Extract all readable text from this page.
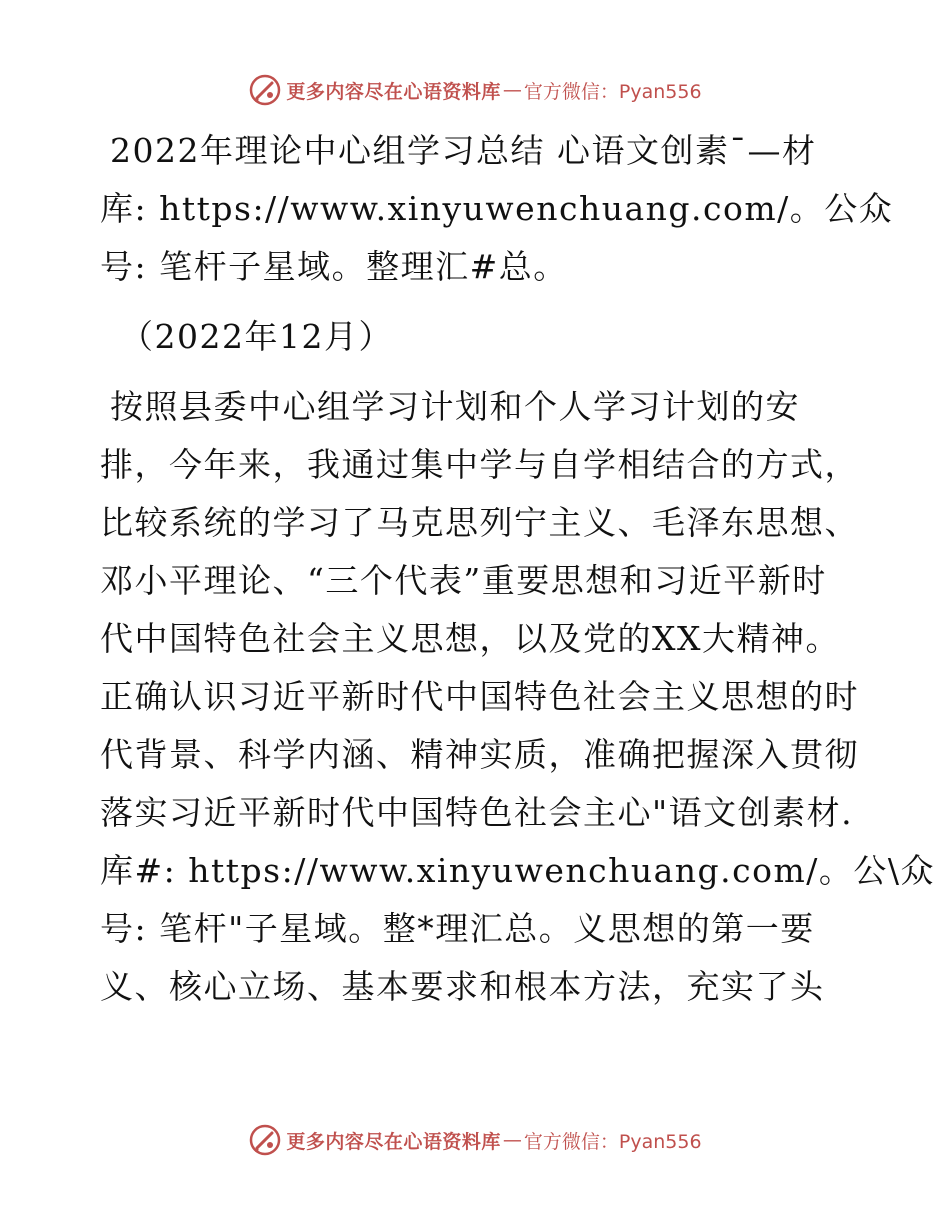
更多内容尽在心语资料库 — 官方微信：Pyan556
2022年理论中心组学习总结 心语文创素¯—材
库: https://www.xinyuwenchuang.com/。公众
号: 笔杆子星域。整理汇#总。
（2022年12月）
按照县委中心组学习计划和个人学习计划的安
排，今年来，我通过集中学与自学相结合的方式，
比较系统的学习了马克思列宁主义、毛泽东思想、
邓小平理论、“三个代表”重要思想和习近平新时
代中国特色社会主义思想，以及党的XX大精神。
正确认识习近平新时代中国特色社会主义思想的时
代背景、科学内涵、精神实质，准确把握深入贯彻
落实习近平新时代中国特色社会主心"语文创素材.
库#: https://www.xinyuwenchuang.com/。公\众
号: 笔杆"子星域。整*理汇总。义思想的第一要
义、核心立场、基本要求和根本方法，充实了头
更多内容尽在心语资料库 — 官方微信：Pyan556
